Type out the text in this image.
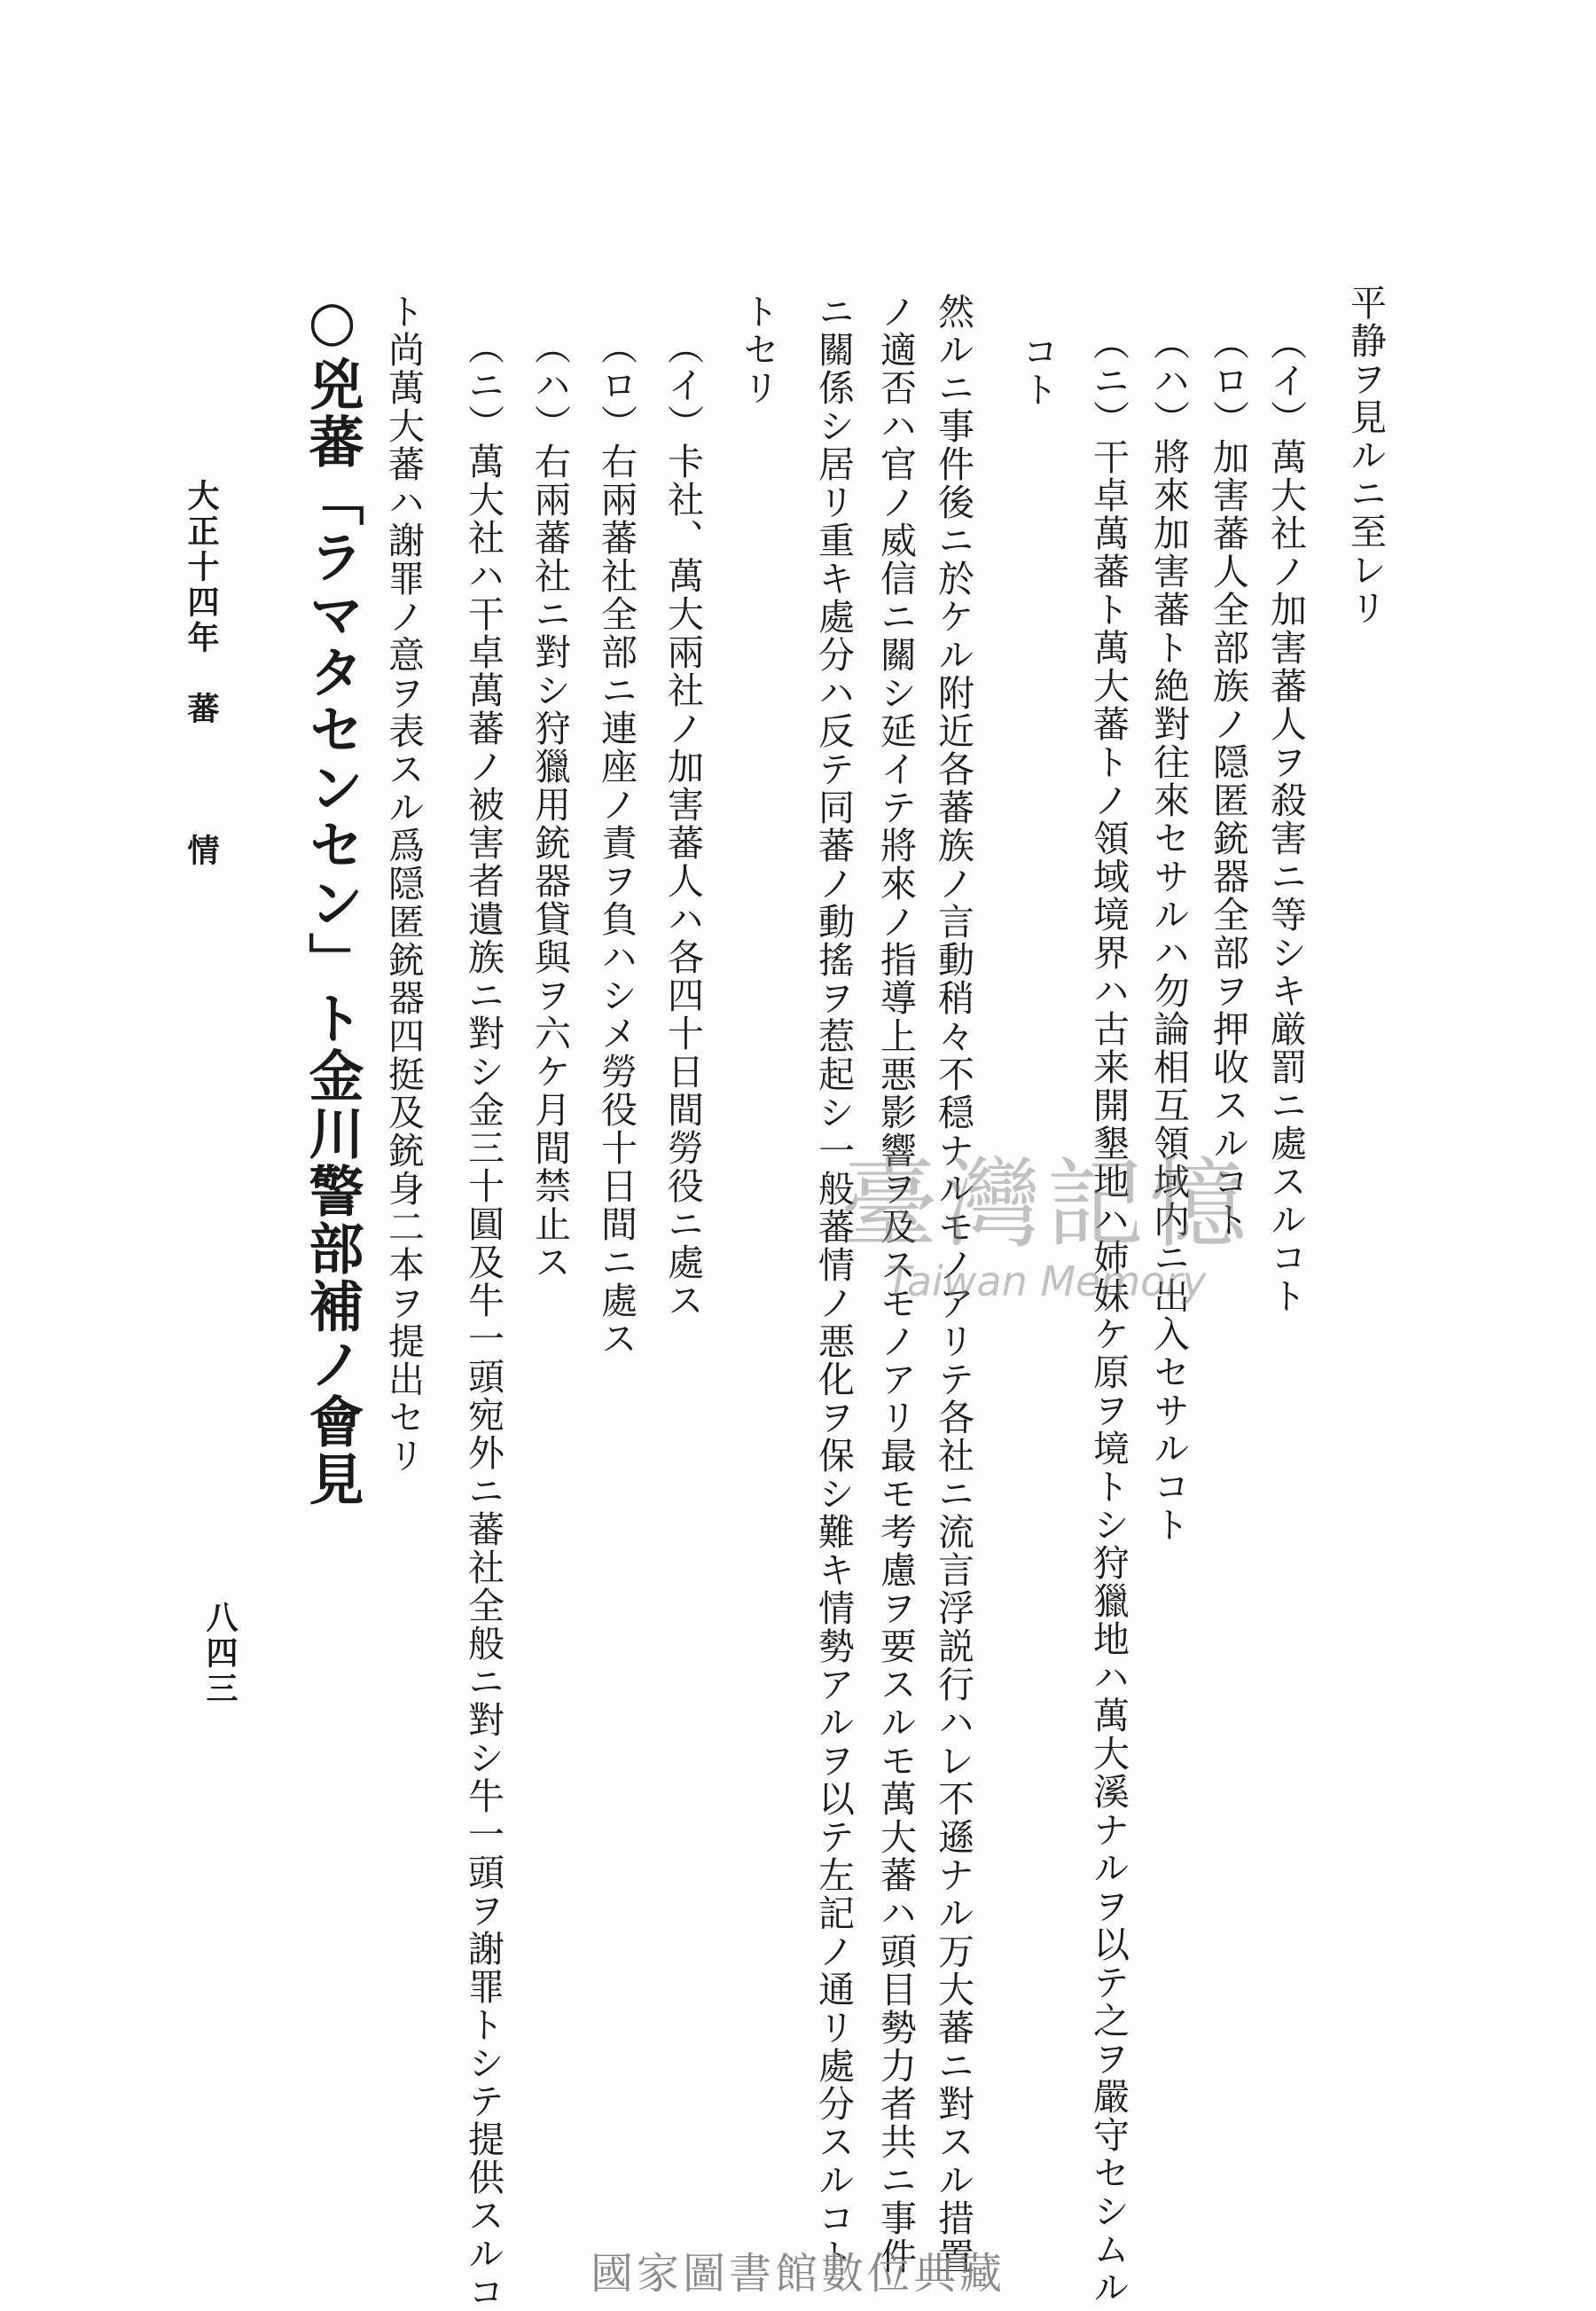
平静ヲ見ルニ至レリ
（イ）萬大社ノ加害蕃人ヲ殺害ニ等シキ厳罰ニ處スルコト
（ロ）加害蕃人全部族ノ隠匿銃器全部ヲ押收スルコト
（ハ）將來加害蕃ト絶對往來セサルハ勿論相互領域内ニ出入セサルコト
（ニ）干卓萬蕃ト萬大蕃トノ領域境界ハ古来開墾地ハ姉妹ケ原ヲ境トシ狩獵地ハ萬大溪ナルヲ以テ之ヲ嚴守セシムル
コト
然ルニ事件後ニ於ケル附近各蕃族ノ言動稍々不穏ナルモノアリテ各社ニ流言浮説行ハレ不遜ナル万大蕃ニ對スル措置
ノ適否ハ官ノ威信ニ關シ延イテ將來ノ指導上悪影響ヲ及スモノアリ最モ考慮ヲ要スルモ萬大蕃ハ頭目勢力者共ニ事件
ニ關係シ居リ重キ處分ハ反テ同蕃ノ動搖ヲ惹起シ一般蕃情ノ悪化ヲ保シ難キ情勢アルヲ以テ左記ノ通リ處分スルコト
トセリ
（イ）卡社、萬大兩社ノ加害蕃人ハ各四十日間勞役ニ處ス
（ロ）右兩蕃社全部ニ連座ノ責ヲ負ハシメ勞役十日間ニ處ス
（ハ）右兩蕃社ニ對シ狩獵用銃器貸與ヲ六ケ月間禁止ス
（ニ）萬大社ハ干卓萬蕃ノ被害者遺族ニ對シ金三十圓及牛一頭宛外ニ蕃社全般ニ對シ牛一頭ヲ謝罪トシテ提供スルコ
ト尚萬大蕃ハ謝罪ノ意ヲ表スル爲隠匿銃器四挺及銃身二本ヲ提出セリ
○兇蕃「ラマタセンセン」ト金川警部補ノ會見
大正十四年　蕃　　　情
八四三
臺灣記憶
Taiwan Memory
國家圖書館數位典藏
